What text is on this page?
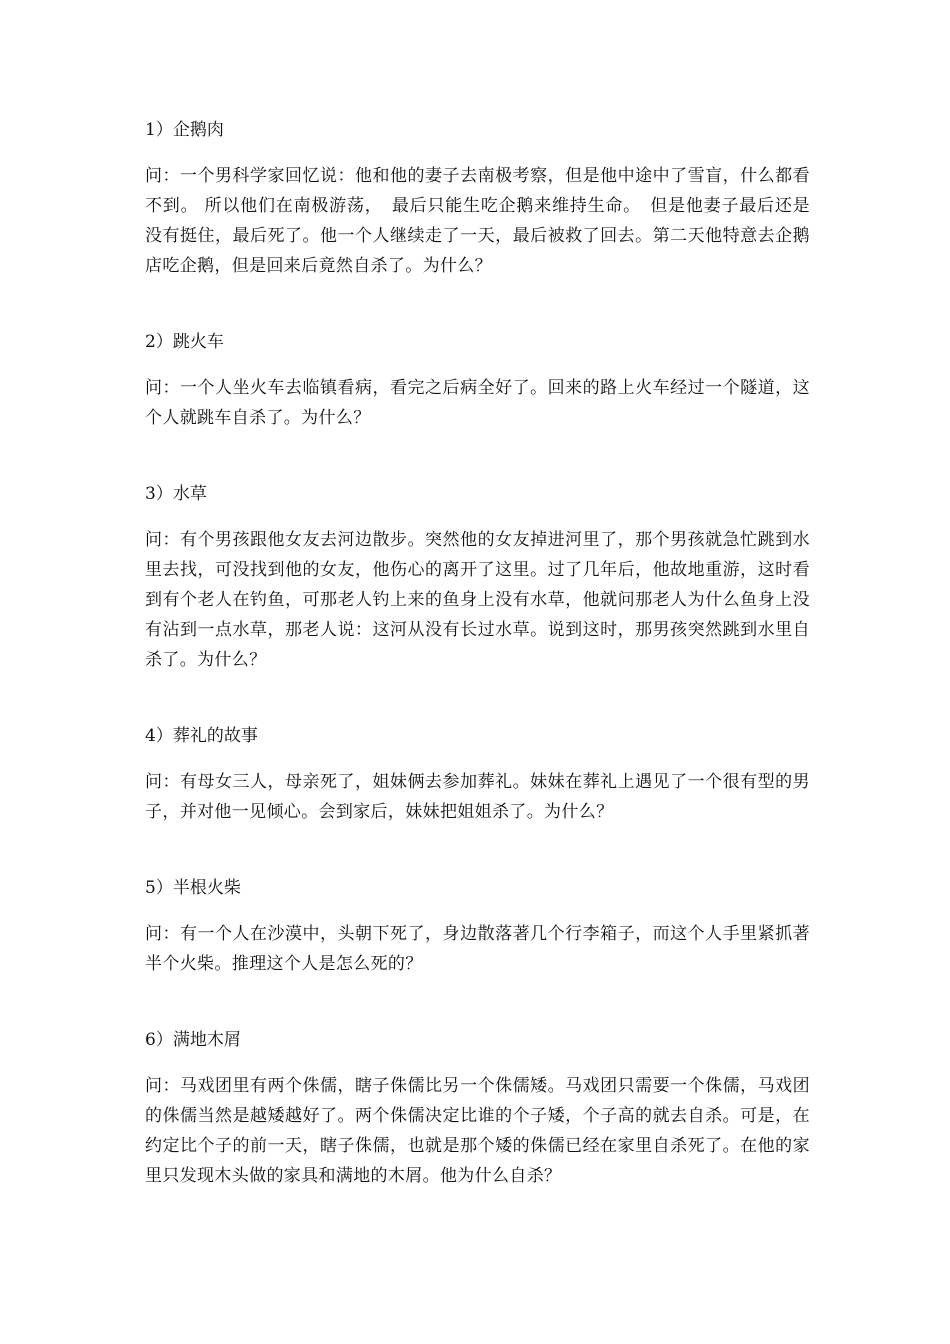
1）企鹅肉

问：一个男科学家回忆说：他和他的妻子去南极考察，但是他中途中了雪盲，什么都看不到。 所以他们在南极游荡，　最后只能生吃企鹅来维持生命。　但是他妻子最后还是没有挺住，最后死了。他一个人继续走了一天，最后被救了回去。第二天他特意去企鹅店吃企鹅，但是回来后竟然自杀了。为什么？

2）跳火车

问：一个人坐火车去临镇看病，看完之后病全好了。回来的路上火车经过一个隧道，这个人就跳车自杀了。为什么？

3）水草

问：有个男孩跟他女友去河边散步。突然他的女友掉进河里了，那个男孩就急忙跳到水里去找，可没找到他的女友，他伤心的离开了这里。过了几年后，他故地重游，这时看到有个老人在钓鱼，可那老人钓上来的鱼身上没有水草，他就问那老人为什么鱼身上没有沾到一点水草，那老人说：这河从没有长过水草。说到这时，那男孩突然跳到水里自杀了。为什么？

4）葬礼的故事

问：有母女三人，母亲死了，姐妹俩去参加葬礼。妹妹在葬礼上遇见了一个很有型的男子，并对他一见倾心。会到家后，妹妹把姐姐杀了。为什么？

5）半根火柴

问：有一个人在沙漠中，头朝下死了，身边散落著几个行李箱子，而这个人手里紧抓著半个火柴。推理这个人是怎么死的？

6）满地木屑

问：马戏团里有两个侏儒，瞎子侏儒比另一个侏儒矮。马戏团只需要一个侏儒，马戏团的侏儒当然是越矮越好了。两个侏儒决定比谁的个子矮，个子高的就去自杀。可是，在约定比个子的前一天，瞎子侏儒，也就是那个矮的侏儒已经在家里自杀死了。在他的家里只发现木头做的家具和满地的木屑。他为什么自杀？
